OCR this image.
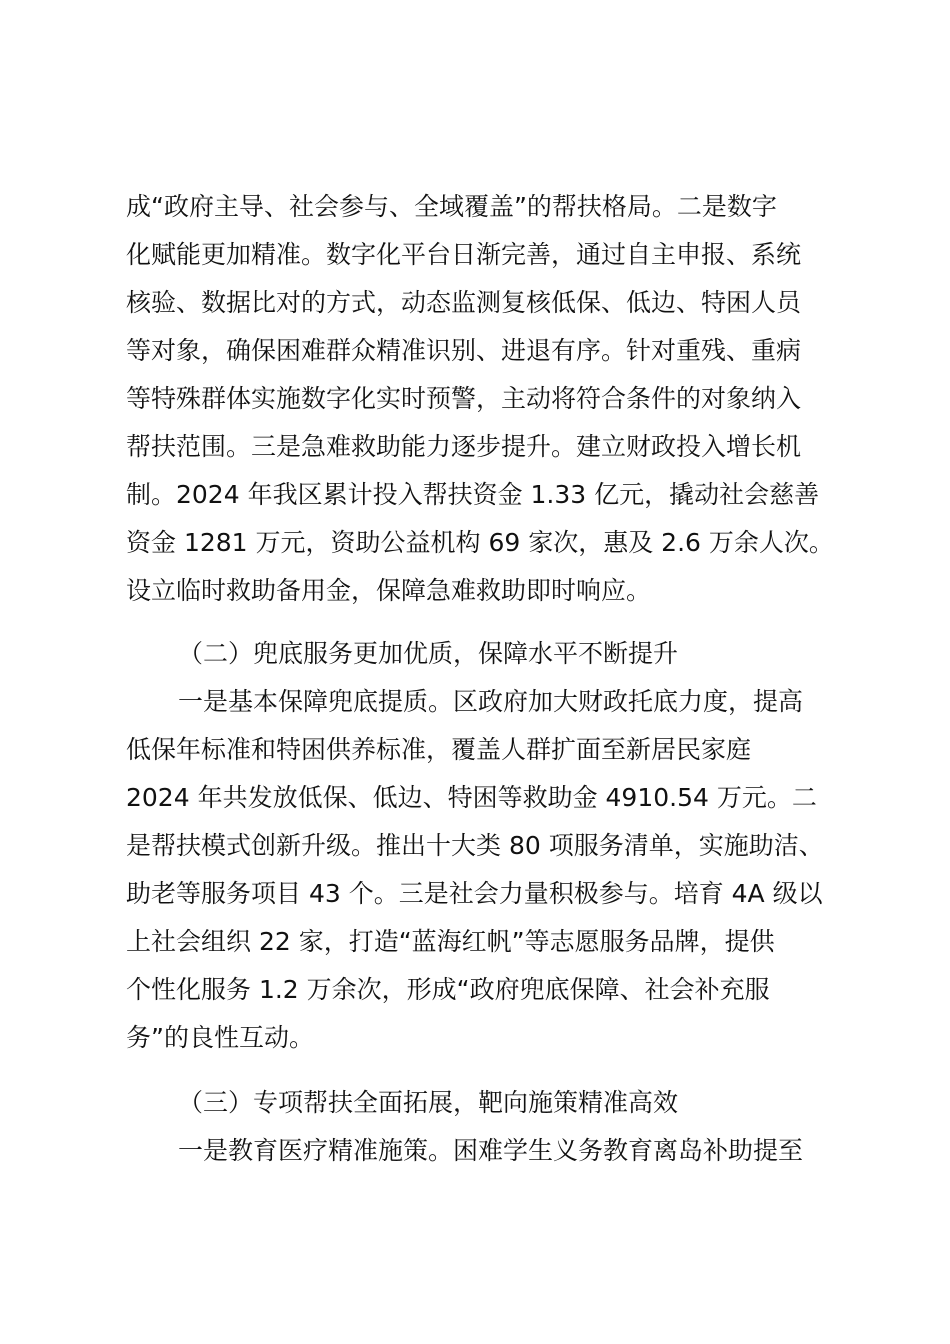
成“政府主导、社会参与、全域覆盖”的帮扶格局。二是数字
化赋能更加精准。数字化平台日渐完善，通过自主申报、系统
核验、数据比对的方式，动态监测复核低保、低边、特困人员
等对象，确保困难群众精准识别、进退有序。针对重残、重病
等特殊群体实施数字化实时预警，主动将符合条件的对象纳入
帮扶范围。三是急难救助能力逐步提升。建立财政投入增长机
制。2024 年我区累计投入帮扶资金 1.33 亿元，撬动社会慈善
资金 1281 万元，资助公益机构 69 家次，惠及 2.6 万余人次。
设立临时救助备用金，保障急难救助即时响应。
（二）兜底服务更加优质，保障水平不断提升
一是基本保障兜底提质。区政府加大财政托底力度，提高
低保年标准和特困供养标准，覆盖人群扩面至新居民家庭
2024 年共发放低保、低边、特困等救助金 4910.54 万元。二
是帮扶模式创新升级。推出十大类 80 项服务清单，实施助洁、
助老等服务项目 43 个。三是社会力量积极参与。培育 4A 级以
上社会组织 22 家，打造“蓝海红帆”等志愿服务品牌，提供
个性化服务 1.2 万余次，形成“政府兜底保障、社会补充服
务”的良性互动。
（三）专项帮扶全面拓展，靶向施策精准高效
一是教育医疗精准施策。困难学生义务教育离岛补助提至
